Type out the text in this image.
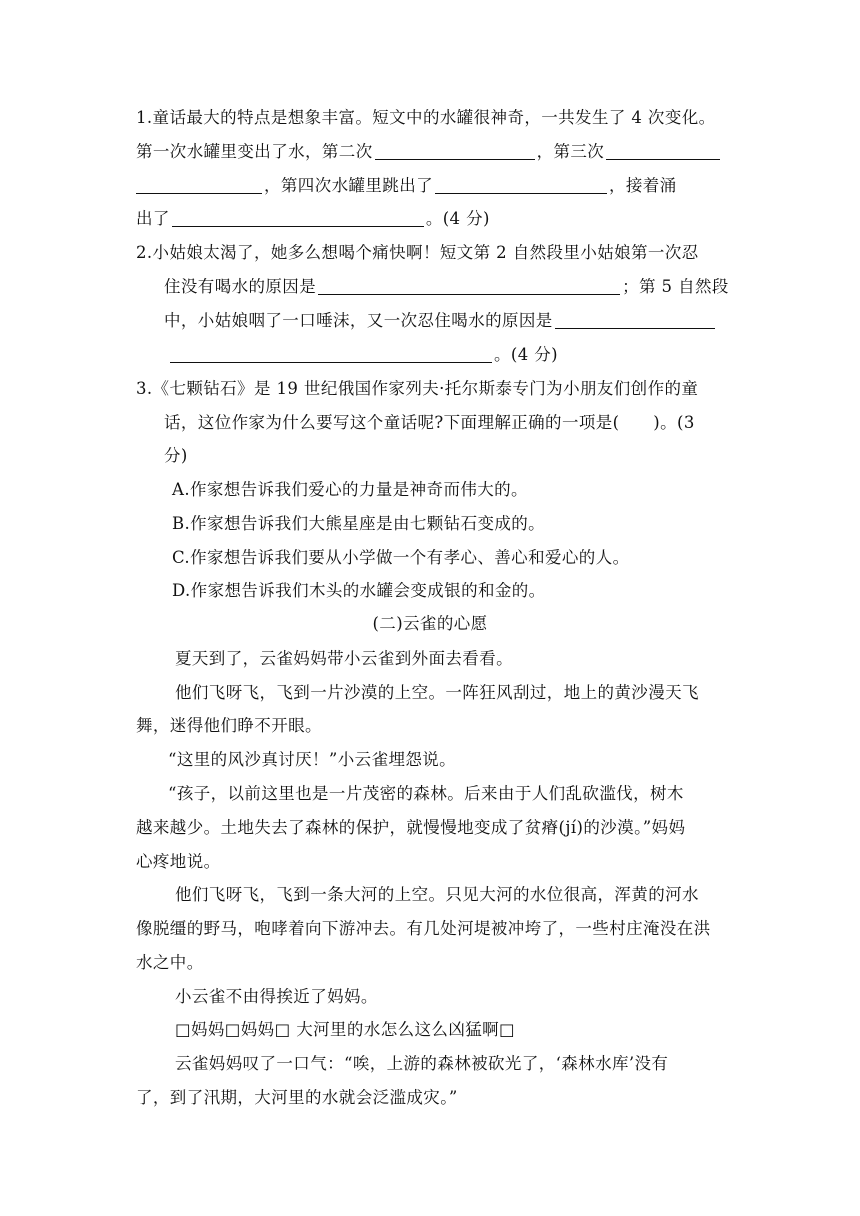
1.童话最大的特点是想象丰富。短文中的水罐很神奇，一共发生了 4 次变化。
第一次水罐里变出了水，第二次	，第三次
，第四次水罐里跳出了	，接着涌
出了	。(4 分)
2.小姑娘太渴了，她多么想喝个痛快啊！短文第 2 自然段里小姑娘第一次忍
住没有喝水的原因是	；第 5 自然段
中，小姑娘咽了一口唾沫，又一次忍住喝水的原因是
。(4 分)
3.《七颗钻石》是 19 世纪俄国作家列夫·托尔斯泰专门为小朋友们创作的童
话，这位作家为什么要写这个童话呢?下面理解正确的一项是(　　)。(3
分)
A.作家想告诉我们爱心的力量是神奇而伟大的。
B.作家想告诉我们大熊星座是由七颗钻石变成的。
C.作家想告诉我们要从小学做一个有孝心、善心和爱心的人。
D.作家想告诉我们木头的水罐会变成银的和金的。
(二)云雀的心愿
夏天到了，云雀妈妈带小云雀到外面去看看。
他们飞呀飞，飞到一片沙漠的上空。一阵狂风刮过，地上的黄沙漫天飞
舞，迷得他们睁不开眼。
“这里的风沙真讨厌！”小云雀埋怨说。
“孩子，以前这里也是一片茂密的森林。后来由于人们乱砍滥伐，树木
越来越少。土地失去了森林的保护，就慢慢地变成了贫瘠(jí)的沙漠。”妈妈
心疼地说。
他们飞呀飞，飞到一条大河的上空。只见大河的水位很高，浑黄的河水
像脱缰的野马，咆哮着向下游冲去。有几处河堤被冲垮了，一些村庄淹没在洪
水之中。
小云雀不由得挨近了妈妈。
□妈妈□妈妈□ 大河里的水怎么这么凶猛啊□
云雀妈妈叹了一口气：“唉，上游的森林被砍光了，‘森林水库’没有
了，到了汛期，大河里的水就会泛滥成灾。”
